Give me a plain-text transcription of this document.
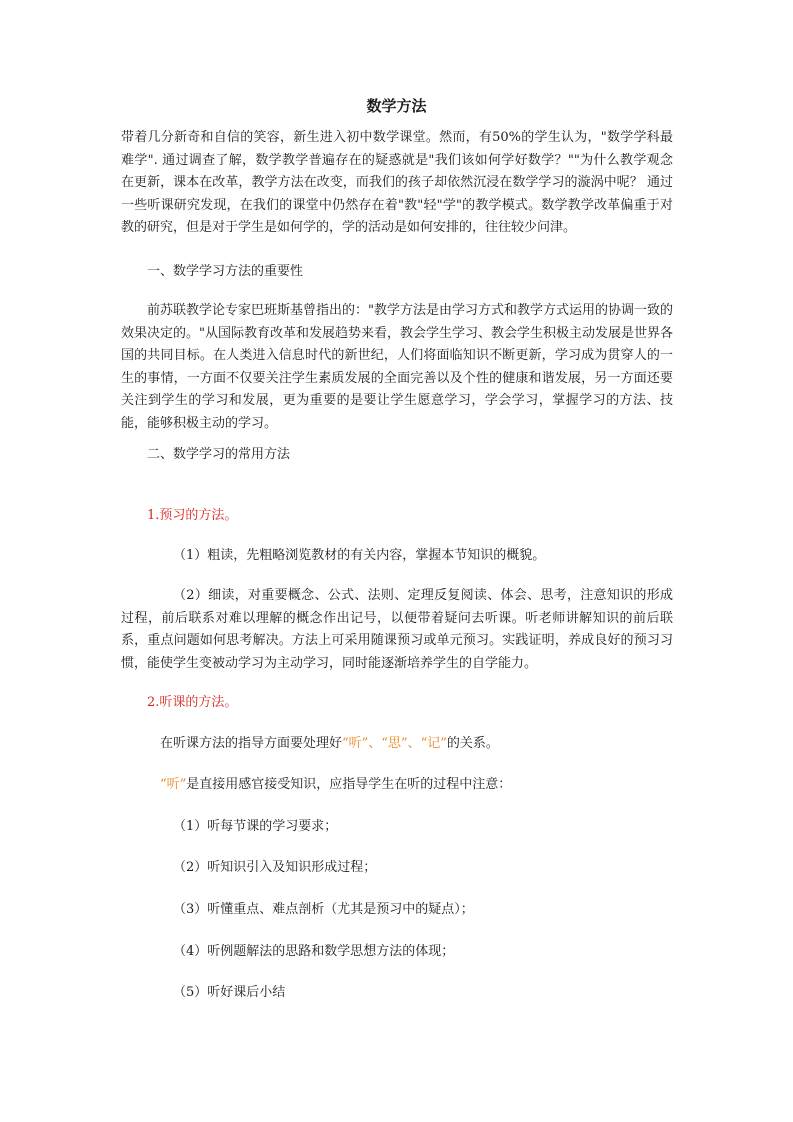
数学方法
带着几分新奇和自信的笑容，新生进入初中数学课堂。然而，有50%的学生认为，"数学学科最难学". 通过调查了解，数学教学普遍存在的疑惑就是"我们该如何学好数学？""为什么教学观念在更新，课本在改革，教学方法在改变，而我们的孩子却依然沉浸在数学学习的漩涡中呢？ 通过一些听课研究发现，在我们的课堂中仍然存在着"教"轻"学"的教学模式。数学教学改革偏重于对教的研究，但是对于学生是如何学的，学的活动是如何安排的，往往较少问津。
一、数学学习方法的重要性
前苏联教学论专家巴班斯基曾指出的："教学方法是由学习方式和教学方式运用的协调一致的效果决定的。"从国际教育改革和发展趋势来看，教会学生学习、教会学生积极主动发展是世界各国的共同目标。在人类进入信息时代的新世纪，人们将面临知识不断更新，学习成为贯穿人的一生的事情，一方面不仅要关注学生素质发展的全面完善以及个性的健康和谐发展，另一方面还要关注到学生的学习和发展，更为重要的是要让学生愿意学习，学会学习，掌握学习的方法、技能，能够积极主动的学习。
二、数学学习的常用方法
1.预习的方法。
（1）粗读，先粗略浏览教材的有关内容，掌握本节知识的概貌。
（2）细读，对重要概念、公式、法则、定理反复阅读、体会、思考，注意知识的形成过程，前后联系对难以理解的概念作出记号，以便带着疑问去听课。听老师讲解知识的前后联系，重点问题如何思考解决。方法上可采用随课预习或单元预习。实践证明，养成良好的预习习惯，能使学生变被动学习为主动学习，同时能逐渐培养学生的自学能力。
2.听课的方法。
在听课方法的指导方面要处理好“听”、“思”、“记”的关系。
“听”是直接用感官接受知识，应指导学生在听的过程中注意：
（1）听每节课的学习要求；
（2）听知识引入及知识形成过程；
（3）听懂重点、难点剖析（尤其是预习中的疑点）；
（4）听例题解法的思路和数学思想方法的体现；
（5）听好课后小结
